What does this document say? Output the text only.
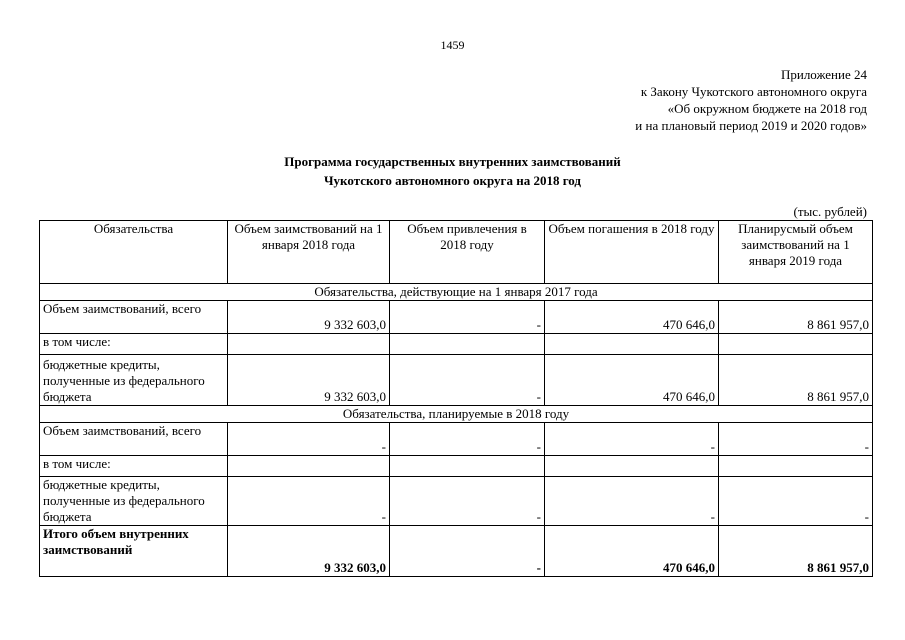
1459
Приложение 24
к Закону Чукотского автономного округа
«Об окружном бюджете на 2018 год
и на плановый период 2019 и 2020 годов»
Программа государственных внутренних заимствований
Чукотского автономного округа на 2018 год
(тыс. рублей)
Обязательства	Объем заимствований на 1 января 2018 года	Объем привлечения в 2018 году	Объем погашения в 2018 году	Планирусмый объем заимствований на 1 января 2019 года
Обязательства, действующие на 1 января 2017 года				
Объем заимствований, всего	9 332 603,0	-	470 646,0	8 861 957,0
в том числе:				
бюджетные кредиты, полученные из федерального бюджета	9 332 603,0	-	470 646,0	8 861 957,0
Обязательства, планируемые в 2018 году				
Объем заимствований, всего	-	-	-	-
в том числе:				
бюджетные кредиты, полученные из федерального бюджета	-	-	-	-
Итого объем внутренних заимствований	9 332 603,0	-	470 646,0	8 861 957,0
